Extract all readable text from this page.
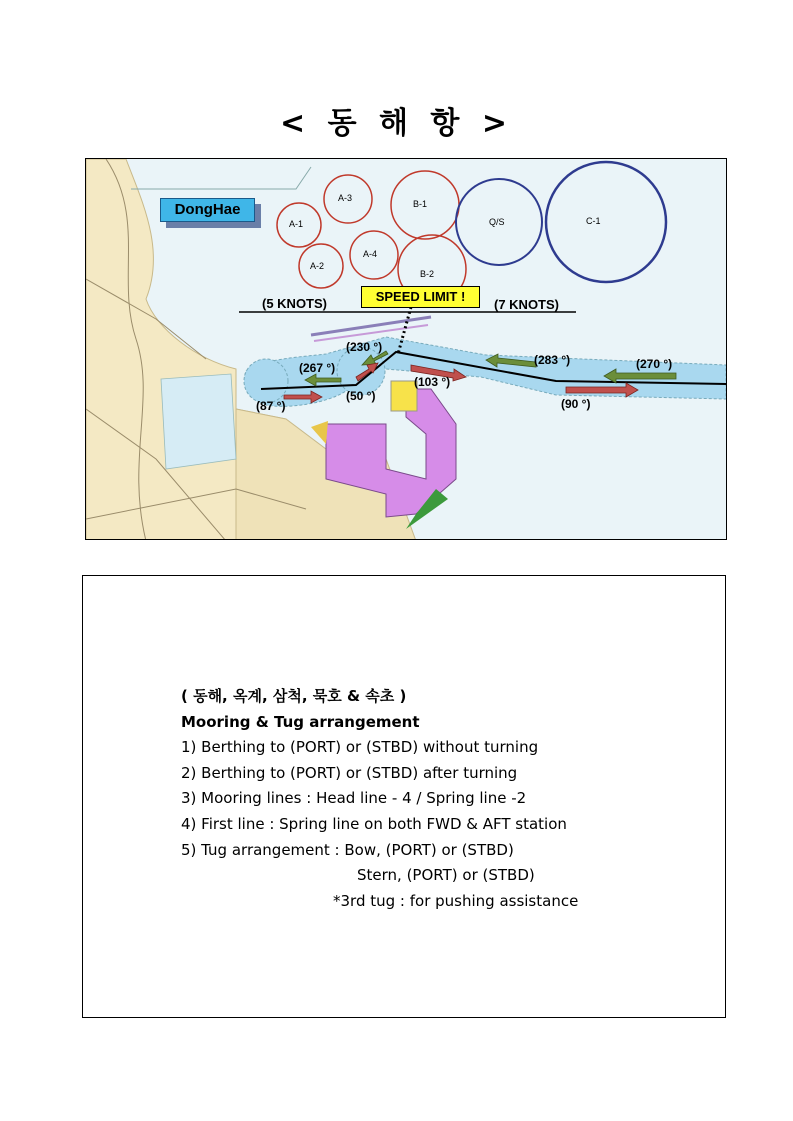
< 동 해 항 >
DongHae
SPEED LIMIT !
(5 KNOTS)	(7 KNOTS)
A-3
A-1
A-2
A-4
B-1
B-2
Q/S	C-1
(230 °)
(267 °)
(87 °)
(50 °)
(103 °)
(283 °)	(270 °)
(90 °)
( 동해, 옥계, 삼척, 묵호 & 속초 )
Mooring & Tug arrangement
1) Berthing to (PORT) or (STBD) without turning
2) Berthing to (PORT) or (STBD) after turning
3) Mooring lines : Head line - 4 / Spring line -2
4) First line : Spring line on both FWD & AFT station
5) Tug arrangement : Bow, (PORT) or (STBD)
Stern, (PORT) or (STBD)
*3rd tug : for pushing assistance
